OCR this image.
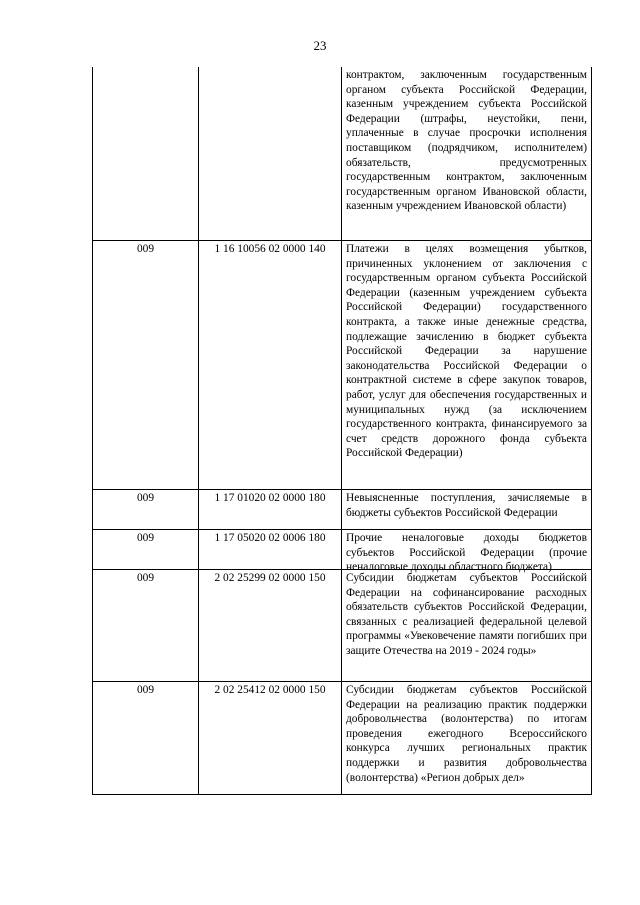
23

		контрактом, заключенным государственным органом субъекта Российской Федерации, казенным учреждением субъекта Российской Федерации (штрафы, неустойки, пени, уплаченные в случае просрочки исполнения поставщиком (подрядчиком, исполнителем) обязательств, предусмотренных государственным контрактом, заключенным государственным органом Ивановской области, казенным учреждением Ивановской области)

009	1 16 10056 02 0000 140	Платежи в целях возмещения убытков, причиненных уклонением от заключения с государственным органом субъекта Российской Федерации (казенным учреждением субъекта Российской Федерации) государственного контракта, а также иные денежные средства, подлежащие зачислению в бюджет субъекта Российской Федерации за нарушение законодательства Российской Федерации о контрактной системе в сфере закупок товаров, работ, услуг для обеспечения государственных и муниципальных нужд (за исключением государственного контракта, финансируемого за счет средств дорожного фонда субъекта Российской Федерации)

009	1 17 01020 02 0000 180	Невыясненные поступления, зачисляемые в бюджеты субъектов Российской Федерации

009	1 17 05020 02 0006 180	Прочие неналоговые доходы бюджетов субъектов Российской Федерации (прочие неналоговые доходы областного бюджета)

009	2 02 25299 02 0000 150	Субсидии бюджетам субъектов Российской Федерации на софинансирование расходных обязательств субъектов Российской Федерации, связанных с реализацией федеральной целевой программы «Увековечение памяти погибших при защите Отечества на 2019 - 2024 годы»

009	2 02 25412 02 0000 150	Субсидии бюджетам субъектов Российской Федерации на реализацию практик поддержки добровольчества (волонтерства) по итогам проведения ежегодного Всероссийского конкурса лучших региональных практик поддержки и развития добровольчества (волонтерства) «Регион добрых дел»
